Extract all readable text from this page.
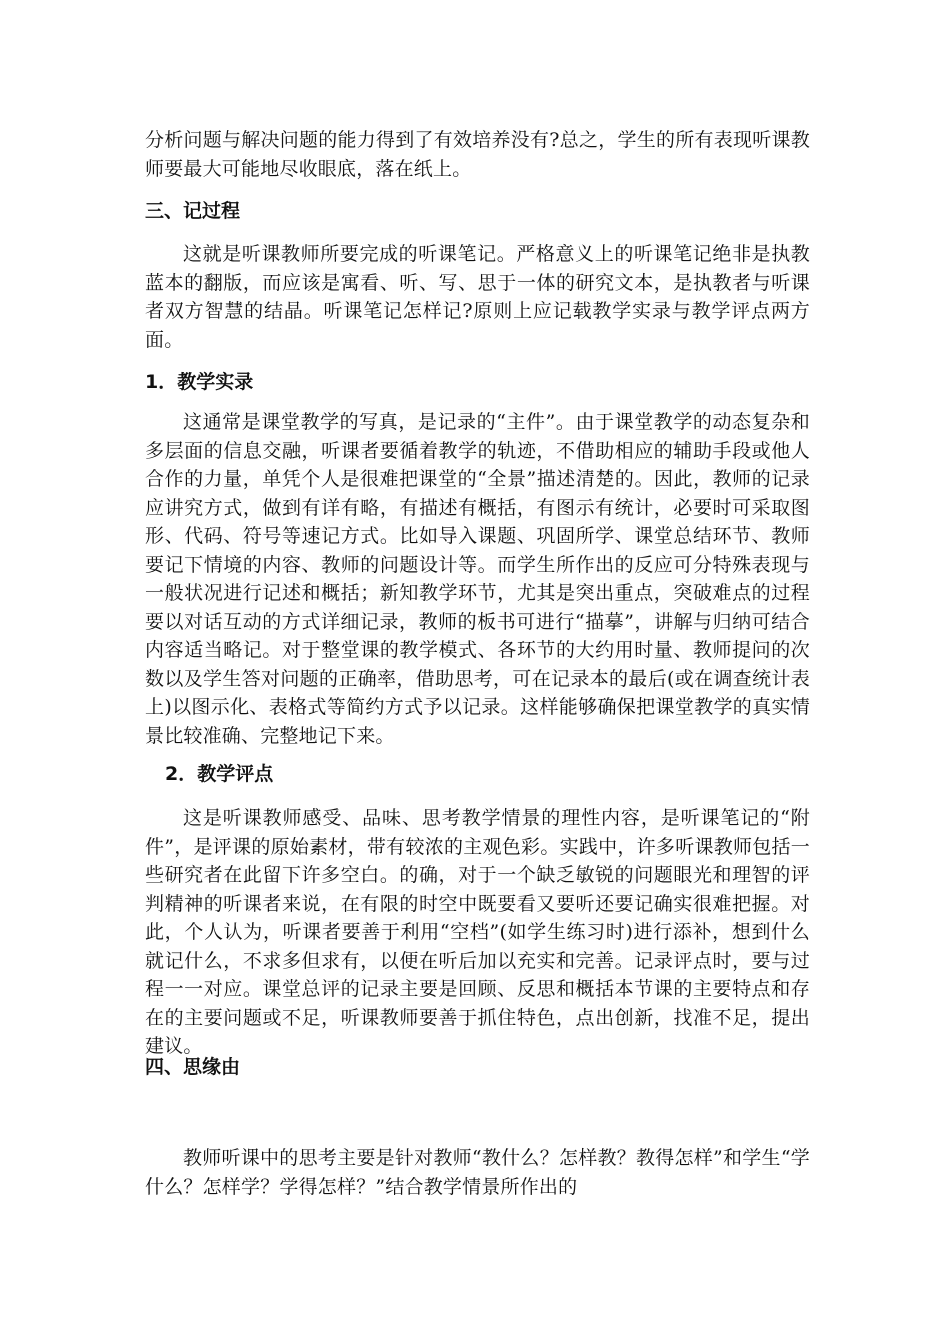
分析问题与解决问题的能力得到了有效培养没有?总之，学生的所有表现听课教师要最大可能地尽收眼底，落在纸上。

三、记过程

这就是听课教师所要完成的听课笔记。严格意义上的听课笔记绝非是执教蓝本的翻版，而应该是寓看、听、写、思于一体的研究文本，是执教者与听课者双方智慧的结晶。听课笔记怎样记?原则上应记载教学实录与教学评点两方面。

1．教学实录

这通常是课堂教学的写真，是记录的“主件”。由于课堂教学的动态复杂和多层面的信息交融，听课者要循着教学的轨迹，不借助相应的辅助手段或他人合作的力量，单凭个人是很难把课堂的“全景”描述清楚的。因此，教师的记录应讲究方式，做到有详有略，有描述有概括，有图示有统计，必要时可采取图形、代码、符号等速记方式。比如导入课题、巩固所学、课堂总结环节、教师要记下情境的内容、教师的问题设计等。而学生所作出的反应可分特殊表现与一般状况进行记述和概括；新知教学环节，尤其是突出重点，突破难点的过程要以对话互动的方式详细记录，教师的板书可进行“描摹”，讲解与归纳可结合内容适当略记。对于整堂课的教学模式、各环节的大约用时量、教师提问的次数以及学生答对问题的正确率，借助思考，可在记录本的最后(或在调查统计表上)以图示化、表格式等简约方式予以记录。这样能够确保把课堂教学的真实情景比较准确、完整地记下来。

2．教学评点

这是听课教师感受、品味、思考教学情景的理性内容，是听课笔记的“附件”，是评课的原始素材，带有较浓的主观色彩。实践中，许多听课教师包括一些研究者在此留下许多空白。的确，对于一个缺乏敏锐的问题眼光和理智的评判精神的听课者来说，在有限的时空中既要看又要听还要记确实很难把握。对此，个人认为，听课者要善于利用“空档”(如学生练习时)进行添补，想到什么就记什么，不求多但求有，以便在听后加以充实和完善。记录评点时，要与过程一一对应。课堂总评的记录主要是回顾、反思和概括本节课的主要特点和存在的主要问题或不足，听课教师要善于抓住特色，点出创新，找准不足，提出建议。

四、思缘由

教师听课中的思考主要是针对教师“教什么？怎样教？教得怎样”和学生“学什么？怎样学？学得怎样？”结合教学情景所作出的
